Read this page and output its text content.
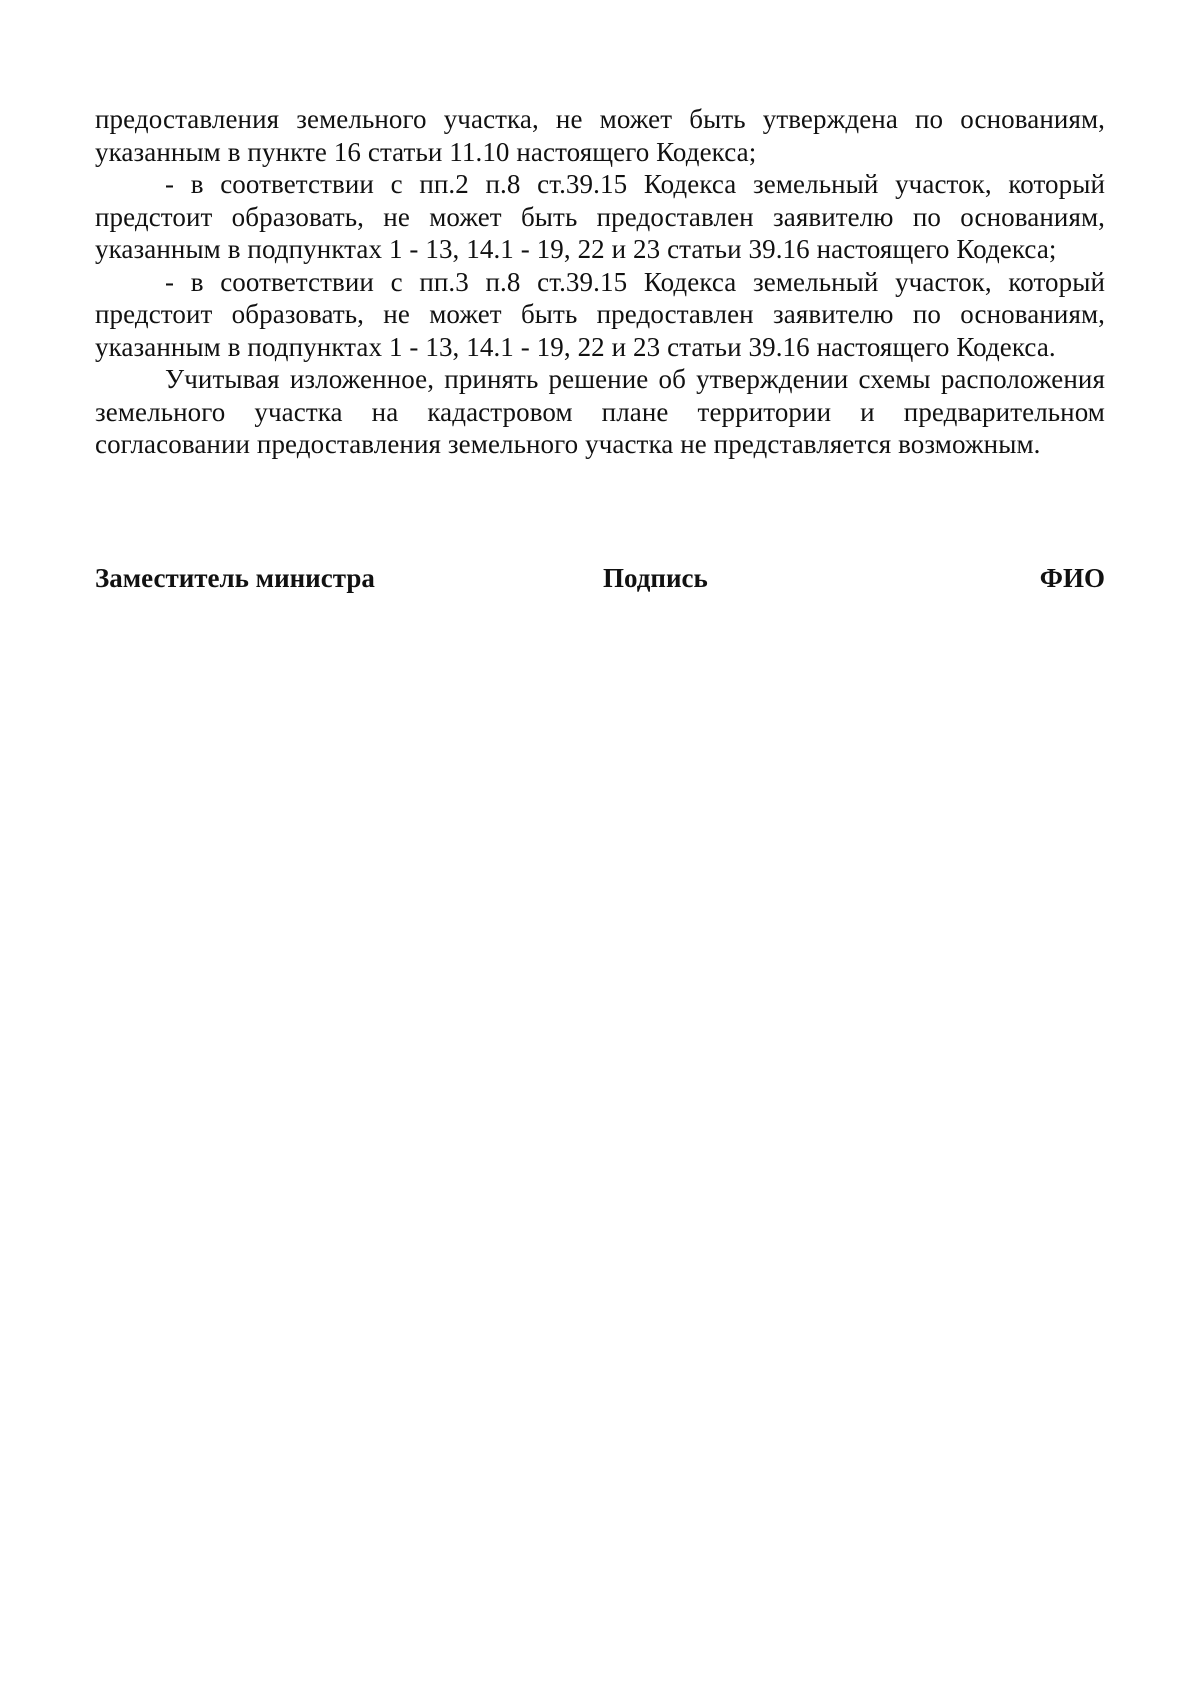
предоставления земельного участка, не может быть утверждена по основаниям, указанным в пункте 16 статьи 11.10 настоящего Кодекса;

- в соответствии с пп.2 п.8 ст.39.15 Кодекса земельный участок, который предстоит образовать, не может быть предоставлен заявителю по основаниям, указанным в подпунктах 1 - 13, 14.1 - 19, 22 и 23 статьи 39.16 настоящего Кодекса;

- в соответствии с пп.3 п.8 ст.39.15 Кодекса земельный участок, который предстоит образовать, не может быть предоставлен заявителю по основаниям, указанным в подпунктах 1 - 13, 14.1 - 19, 22 и 23 статьи 39.16 настоящего Кодекса.

Учитывая изложенное, принять решение об утверждении схемы расположения земельного участка на кадастровом плане территории и предварительном согласовании предоставления земельного участка не представляется возможным.

Заместитель министра	Подпись	ФИО
